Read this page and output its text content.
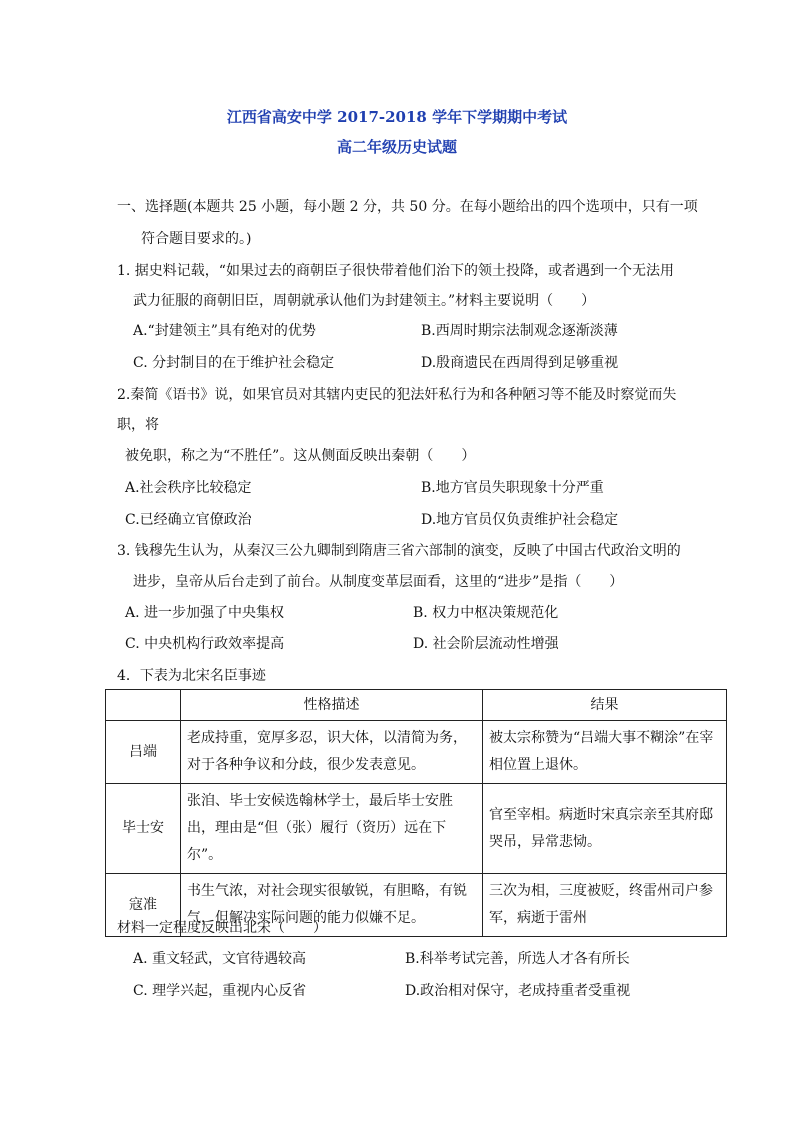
江西省高安中学 2017-2018 学年下学期期中考试
高二年级历史试题
一、选择题(本题共 25 小题，每小题 2 分，共 50 分。在每小题给出的四个选项中，只有一项
符合题目要求的。)
1. 据史料记载，“如果过去的商朝臣子很快带着他们治下的领土投降，或者遇到一个无法用
武力征服的商朝旧臣，周朝就承认他们为封建领主。”材料主要说明（　　）
A.“封建领主”具有绝对的优势	B.西周时期宗法制观念逐渐淡薄
C. 分封制目的在于维护社会稳定	D.殷商遗民在西周得到足够重视
2.秦简《语书》说，如果官员对其辖内吏民的犯法奸私行为和各种陋习等不能及时察觉而失
职，将
被免职，称之为“不胜任”。这从侧面反映出秦朝（　　）
A.社会秩序比较稳定	B.地方官员失职现象十分严重
C.已经确立官僚政治	D.地方官员仅负责维护社会稳定
3. 钱穆先生认为，从秦汉三公九卿制到隋唐三省六部制的演变，反映了中国古代政治文明的
进步，皇帝从后台走到了前台。从制度变革层面看，这里的“进步”是指（　　）
A. 进一步加强了中央集权	B. 权力中枢决策规范化
C. 中央机构行政效率提高	D. 社会阶层流动性增强
4．下表为北宋名臣事迹
	性格描述	结果
吕端	老成持重，宽厚多忍，识大体，以清简为务，对于各种争议和分歧，很少发表意见。	被太宗称赞为“吕端大事不糊涂”在宰相位置上退休。
毕士安	张洎、毕士安候选翰林学士，最后毕士安胜出，理由是“但（张）履行（资历）远在下尔”。	官至宰相。病逝时宋真宗亲至其府邸哭吊，异常悲恸。
寇准	书生气浓，对社会现实很敏锐，有胆略，有锐气，但解决实际问题的能力似嫌不足。	三次为相，三度被贬，终雷州司户参军，病逝于雷州
材料一定程度反映出北宋（　　）
A. 重文轻武，文官待遇较高	B.科举考试完善，所选人才各有所长
C. 理学兴起，重视内心反省	D.政治相对保守，老成持重者受重视
